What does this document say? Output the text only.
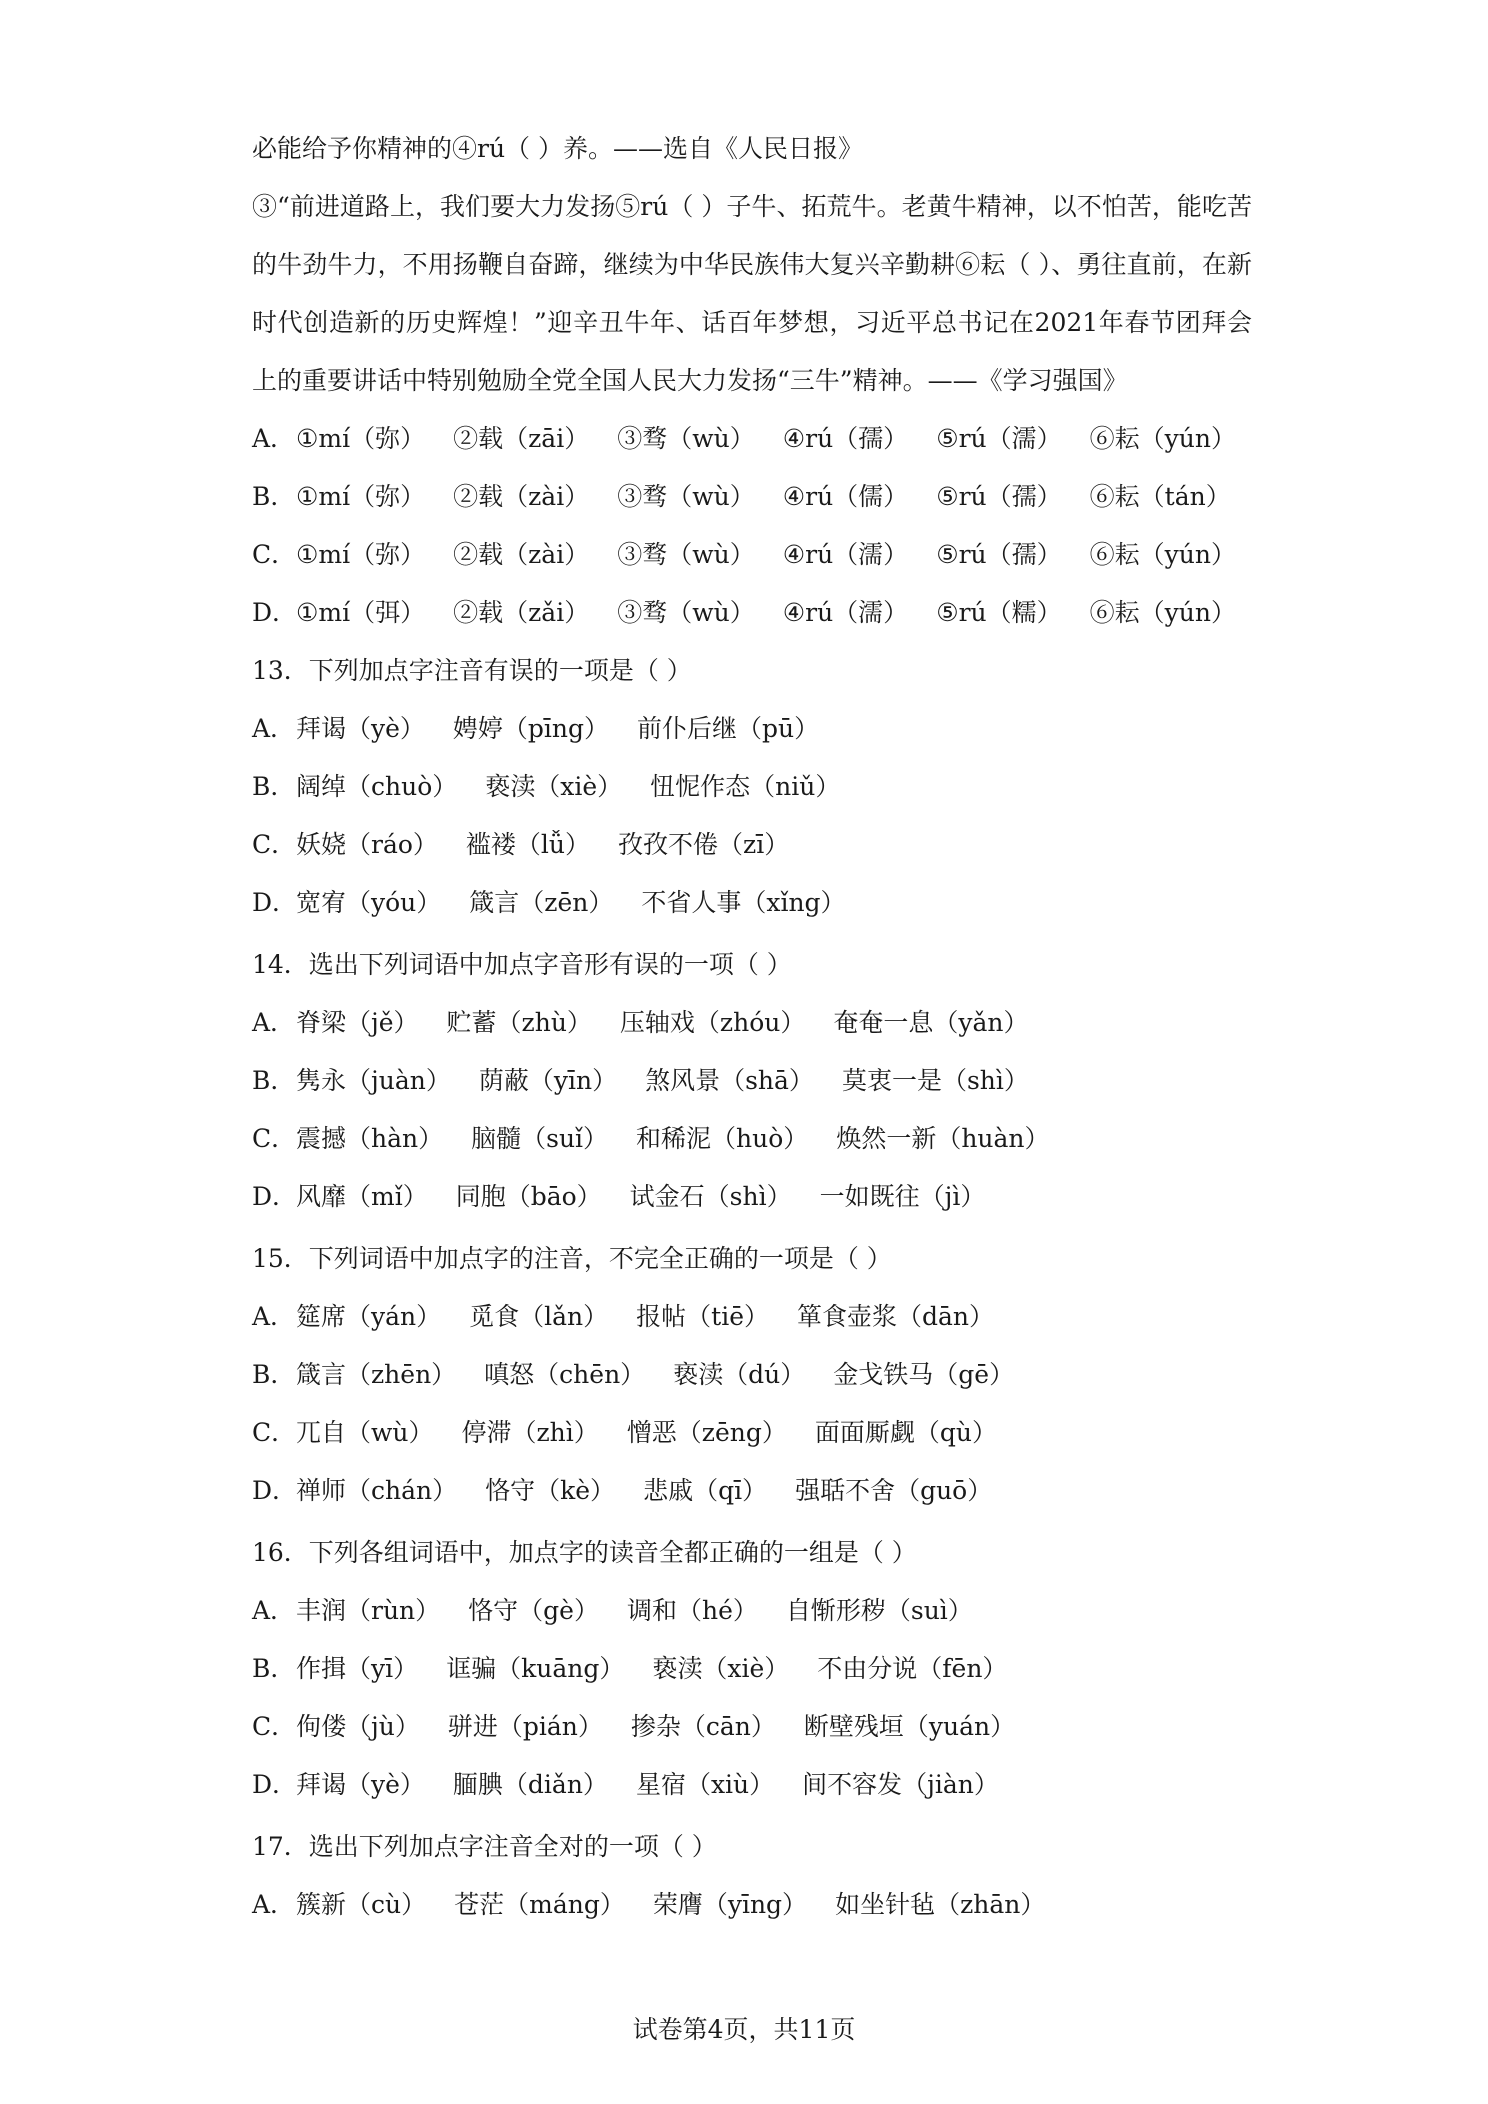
必能给予你精神的④rú（ ）养。——选自《人民日报》

③“前进道路上，我们要大力发扬⑤rú（ ）子牛、拓荒牛。老黄牛精神，以不怕苦，能吃苦的牛劲牛力，不用扬鞭自奋蹄，继续为中华民族伟大复兴辛勤耕⑥耘（ ）、勇往直前，在新时代创造新的历史辉煌！”迎辛丑牛年、话百年梦想，习近平总书记在2021年春节团拜会上的重要讲话中特别勉励全党全国人民大力发扬“三牛”精神。——《学习强国》

A．①mí（弥） ②载（zāi） ③骛（wù） ④rú（孺） ⑤rú（濡） ⑥耘（yún）
B．①mí（弥） ②载（zài） ③骛（wù） ④rú（儒） ⑤rú（孺） ⑥耘（tán）
C．①mí（弥） ②载（zài） ③骛（wù） ④rú（濡） ⑤rú（孺） ⑥耘（yún）
D．①mí（弭） ②载（zǎi） ③骛（wù） ④rú（濡） ⑤rú（糯） ⑥耘（yún）
13．下列加点字注音有误的一项是（ ）
A．拜谒（yè） 娉婷（pīng） 前仆后继（pū）
B．阔绰（chuò） 亵渎（xiè） 忸怩作态（niǔ）
C．妖娆（ráo） 褴褛（lǚ） 孜孜不倦（zī）
D．宽宥（yóu） 箴言（zēn） 不省人事（xǐng）
14．选出下列词语中加点字音形有误的一项（ ）
A．脊梁（jě） 贮蓄（zhù） 压轴戏（zhóu） 奄奄一息（yǎn）
B．隽永（juàn） 荫蔽（yīn） 煞风景（shā） 莫衷一是（shì）
C．震撼（hàn） 脑髓（suǐ） 和稀泥（huò） 焕然一新（huàn）
D．风靡（mǐ） 同胞（bāo） 试金石（shì） 一如既往（jì）
15．下列词语中加点字的注音，不完全正确的一项是（ ）
A．筵席（yán） 觅食（lǎn） 报帖（tiē） 箪食壶浆（dān）
B．箴言（zhēn） 嗔怒（chēn） 亵渎（dú） 金戈铁马（gē）
C．兀自（wù） 停滞（zhì） 憎恶（zēng） 面面厮觑（qù）
D．禅师（chán） 恪守（kè） 悲戚（qī） 强聒不舍（guō）
16．下列各组词语中，加点字的读音全都正确的一组是（ ）
A．丰润（rùn） 恪守（gè） 调和（hé） 自惭形秽（suì）
B．作揖（yī） 诓骗（kuāng） 亵渎（xiè） 不由分说（fēn）
C．佝偻（jù） 骈进（pián） 掺杂（cān） 断壁残垣（yuán）
D．拜谒（yè） 腼腆（diǎn） 星宿（xiù） 间不容发（jiàn）
17．选出下列加点字注音全对的一项（ ）
A．簇新（cù） 苍茫（máng） 荣膺（yīng） 如坐针毡（zhān）
试卷第4页，共11页
